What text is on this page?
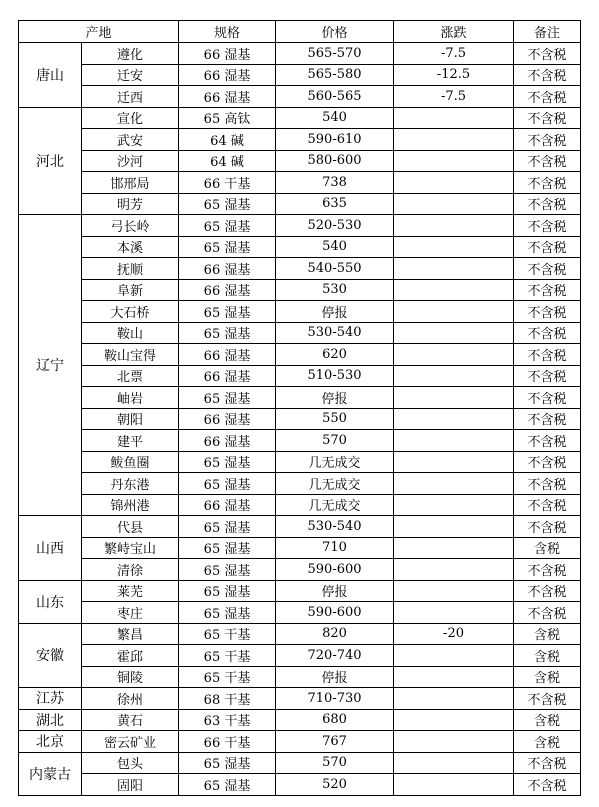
产地		规格	价格	涨跌	备注
唐山	遵化	66 湿基	565-570	-7.5	不含税
	迁安	66 湿基	565-580	-12.5	不含税
	迁西	66 湿基	560-565	-7.5	不含税
河北	宣化	65 高钛	540		不含税
	武安	64 碱	590-610		不含税
	沙河	64 碱	580-600		不含税
	邯邢局	66 干基	738		不含税
	明芳	65 湿基	635		不含税
辽宁	弓长岭	65 湿基	520-530		不含税
	本溪	65 湿基	540		不含税
	抚顺	66 湿基	540-550		不含税
	阜新	66 湿基	530		不含税
	大石桥	65 湿基	停报		不含税
	鞍山	65 湿基	530-540		不含税
	鞍山宝得	66 湿基	620		不含税
	北票	66 湿基	510-530		不含税
	岫岩	65 湿基	停报		不含税
	朝阳	66 湿基	550		不含税
	建平	66 湿基	570		不含税
	鲅鱼圈	65 湿基	几无成交		不含税
	丹东港	65 湿基	几无成交		不含税
	锦州港	66 湿基	几无成交		不含税
山西	代县	65 湿基	530-540		不含税
	繁峙宝山	65 湿基	710		含税
	清徐	65 湿基	590-600		不含税
山东	莱芜	65 湿基	停报		不含税
	枣庄	65 湿基	590-600		不含税
安徽	繁昌	65 干基	820	-20	含税
	霍邱	65 干基	720-740		含税
	铜陵	65 干基	停报		含税
江苏	徐州	68 干基	710-730		不含税
湖北	黄石	63 干基	680		含税
北京	密云矿业	66 干基	767		含税
内蒙古	包头	65 湿基	570		不含税
	固阳	65 湿基	520		不含税
